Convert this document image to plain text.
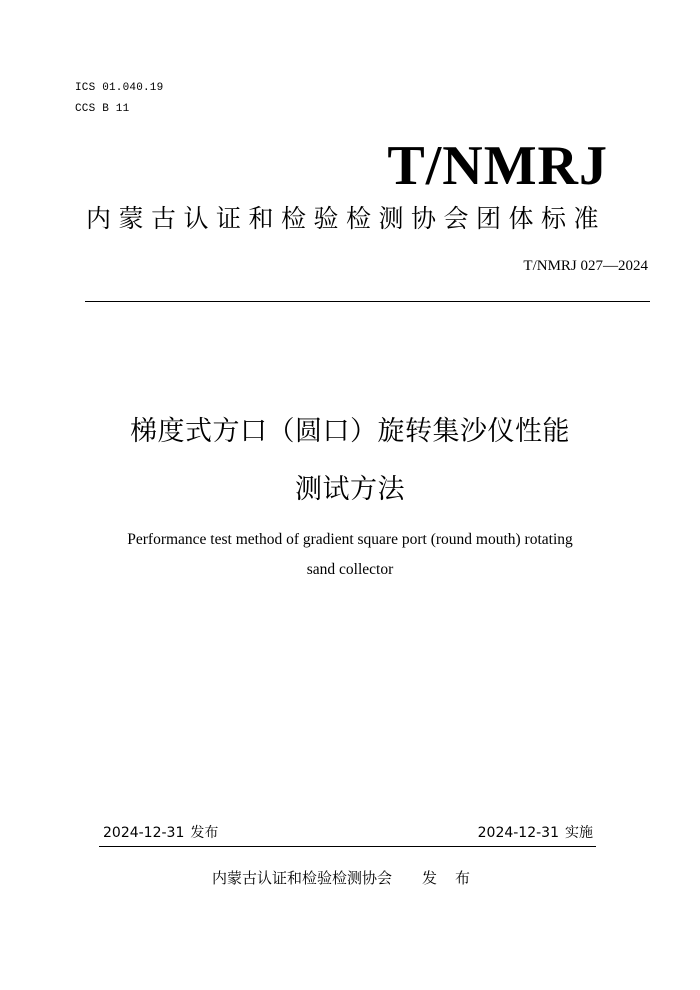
ICS 01.040.19
CCS B 11
T/NMRJ
内蒙古认证和检验检测协会团体标准
T/NMRJ 027—2024
梯度式方口（圆口）旋转集沙仪性能
测试方法
Performance test method of gradient square port (round mouth) rotating
sand collector
2024-12-31 发布	2024-12-31 实施
内蒙古认证和检验检测协会 发布
